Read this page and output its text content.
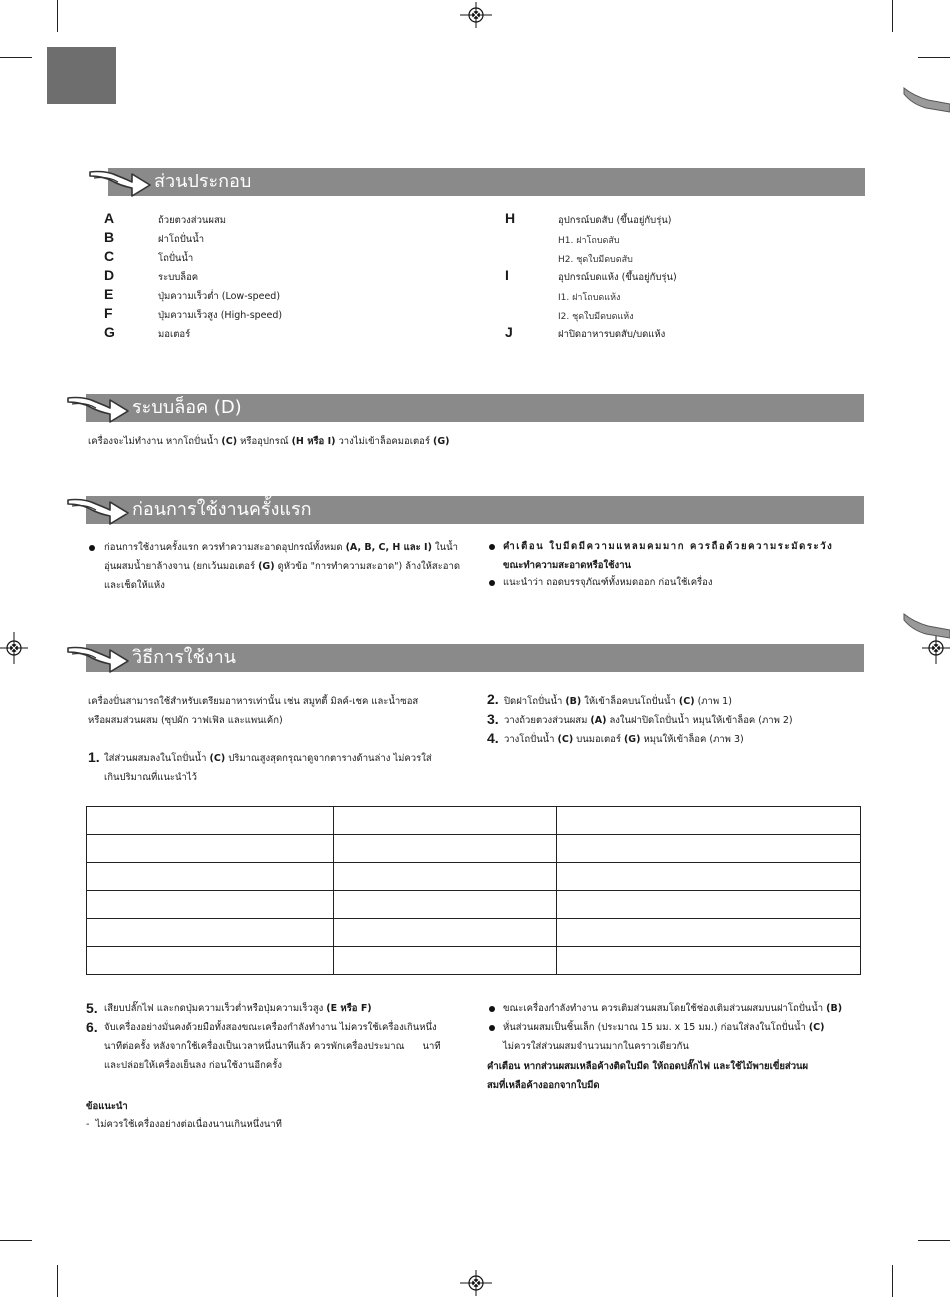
ส่วนประกอบ
A	ถ้วยตวงส่วนผสม
B	ฝาโถปั่นน้ำ
C	โถปั่นน้ำ
D	ระบบล็อค
E	ปุ่มความเร็วต่ำ (Low-speed)
F	ปุ่มความเร็วสูง (High-speed)
G	มอเตอร์
H	อุปกรณ์บดสับ (ขึ้นอยู่กับรุ่น)
H1. ฝาโถบดสับ
H2. ชุดใบมีดบดสับ
I	อุปกรณ์บดแห้ง (ขึ้นอยู่กับรุ่น)
I1. ฝาโถบดแห้ง
I2. ชุดใบมีดบดแห้ง
J	ฝาปิดอาหารบดสับ/บดแห้ง
ระบบล็อค (D)
เครื่องจะไม่ทำงาน หากโถปั่นน้ำ (C) หรืออุปกรณ์ (H หรือ I) วางไม่เข้าล็อคมอเตอร์ (G)
ก่อนการใช้งานครั้งแรก
ก่อนการใช้งานครั้งแรก ควรทำความสะอาดอุปกรณ์ทั้งหมด (A, B, C, H และ I) ในน้ำ
อุ่นผสมน้ำยาล้างจาน (ยกเว้นมอเตอร์ (G) ดูหัวข้อ "การทำความสะอาด") ล้างให้สะอาด
และเช็ดให้แห้ง
คำเตือน ใบมีดมีความแหลมคมมาก ควรถือด้วยความระมัดระวัง
ขณะทำความสะอาดหรือใช้งาน
แนะนำว่า ถอดบรรจุภัณฑ์ทั้งหมดออก ก่อนใช้เครื่อง
วิธีการใช้งาน
เครื่องปั่นสามารถใช้สำหรับเตรียมอาหารเท่านั้น เช่น สมูทตี้ มิลค์-เชค และน้ำซอส
หรือผสมส่วนผสม (ซุปผัก วาฟเฟิล และแพนเค้ก)
1. ใส่ส่วนผสมลงในโถปั่นน้ำ (C) ปริมาณสูงสุดกรุณาดูจากตารางด้านล่าง ไม่ควรใส่
เกินปริมาณที่แนะนำไว้
2. ปิดฝาโถปั่นน้ำ (B) ให้เข้าล็อคบนโถปั่นน้ำ (C) (ภาพ 1)
3. วางถ้วยตวงส่วนผสม (A) ลงในฝาปิดโถปั่นน้ำ หมุนให้เข้าล็อค (ภาพ 2)
4. วางโถปั่นน้ำ (C) บนมอเตอร์ (G) หมุนให้เข้าล็อค (ภาพ 3)

5. เสียบปลั๊กไฟ และกดปุ่มความเร็วต่ำหรือปุ่มความเร็วสูง (E หรือ F)
6. จับเครื่องอย่างมั่นคงด้วยมือทั้งสองขณะเครื่องกำลังทำงาน ไม่ควรใช้เครื่องเกินหนึ่ง
นาทีต่อครั้ง หลังจากใช้เครื่องเป็นเวลาหนึ่งนาทีแล้ว ควรพักเครื่องประมาณ      นาที
และปล่อยให้เครื่องเย็นลง ก่อนใช้งานอีกครั้ง
ข้อแนะนำ
-  ไม่ควรใช้เครื่องอย่างต่อเนื่องนานเกินหนึ่งนาที
ขณะเครื่องกำลังทำงาน ควรเติมส่วนผสมโดยใช้ช่องเติมส่วนผสมบนฝาโถปั่นน้ำ (B)
หั่นส่วนผสมเป็นชิ้นเล็ก (ประมาณ 15 มม. x 15 มม.) ก่อนใส่ลงในโถปั่นน้ำ (C)
ไม่ควรใส่ส่วนผสมจำนวนมากในคราวเดียวกัน
คำเตือน หากส่วนผสมเหลือค้างติดใบมีด ให้ถอดปลั๊กไฟ และใช้ไม้พายเขี่ยส่วนผ
สมที่เหลือค้างออกจากใบมีด
